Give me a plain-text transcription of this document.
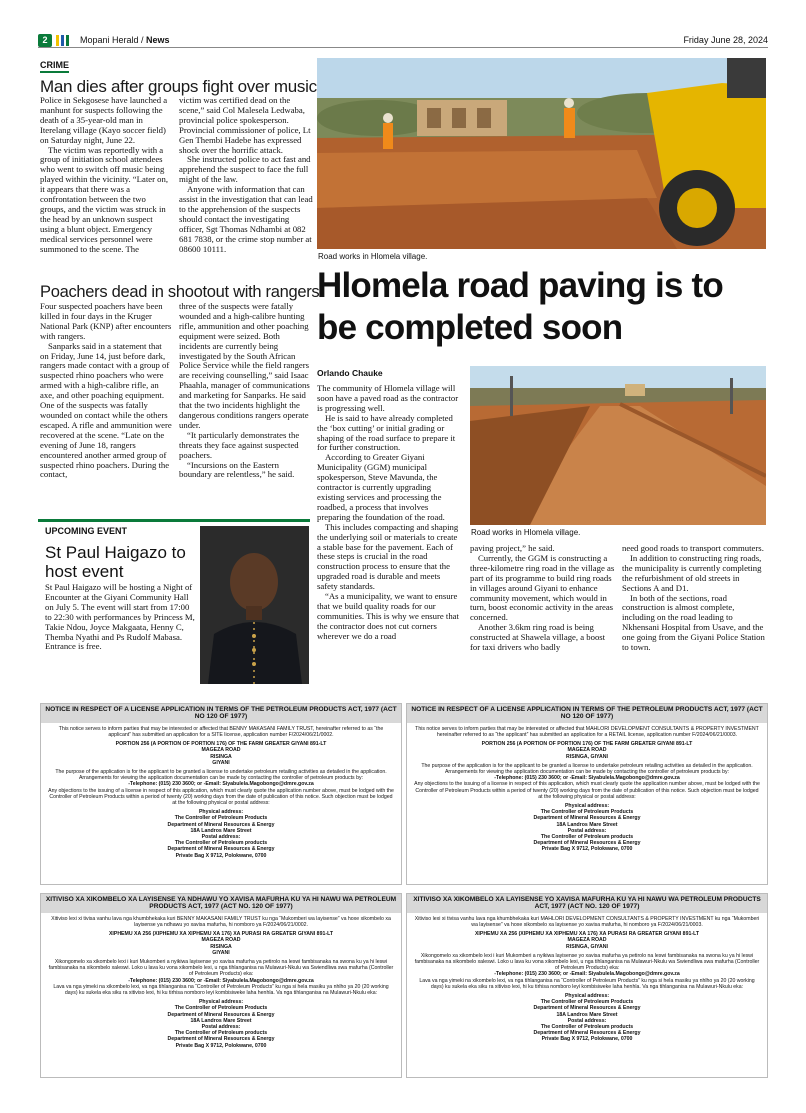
2	Mopani Herald / News	Friday June 28, 2024
CRIME
Man dies after groups fight over music

Police in Sekgosese have launched a manhunt for suspects following the death of a 35-year-old man in Iterelang village (Kayo soccer field) on Saturday night, June 22.

The victim was reportedly with a group of initiation school attendees who went to switch off music being played within the vicinity. “Later on, it appears that there was a confrontation between the two groups, and the victim was struck in the head by an unknown suspect using a blunt object. Emergency medical services personnel were summoned to the scene. The

victim was certified dead on the scene,” said Col Malesela Ledwaba, provincial police spokesperson. Provincial commissioner of police, Lt Gen Thembi Hadebe has expressed shock over the horrific attack.

She instructed police to act fast and apprehend the suspect to face the full might of the law.

Anyone with information that can assist in the investigation that can lead to the apprehension of the suspects should contact the investigating officer, Sgt Thomas Ndhambi at 082 681 7838, or the crime stop number at 08600 10111.

Poachers dead in shootout with rangers

Four suspected poachers have been killed in four days in the Kruger National Park (KNP) after encounters with rangers.

Sanparks said in a statement that on Friday, June 14, just before dark, rangers made contact with a group of suspected rhino poachers who were armed with a high-calibre rifle, an axe, and other poaching equipment. One of the suspects was fatally wounded on contact while the others escaped. A rifle and ammunition were recovered at the scene. “Late on the evening of June 18, rangers encountered another armed group of suspected rhino poachers. During the contact,

three of the suspects were fatally wounded and a high-calibre hunting rifle, ammunition and other poaching equipment were seized. Both incidents are currently being investigated by the South African Police Service while the field rangers are receiving counselling,” said Isaac Phaahla, manager of communications and marketing for Sanparks. He said that the two incidents highlight the dangerous conditions rangers operate under.

“It particularly demonstrates the threats they face against suspected poachers.

“Incursions on the Eastern boundary are relentless,” he said.

Road works in Hlomela village.
Hlomela road paving is to be completed soon
Orlando Chauke

The community of Hlomela village will soon have a paved road as the contractor is progressing well.

He is said to have already completed the ‘box cutting’ or initial grading or shaping of the road surface to prepare it for further construction.

According to Greater Giyani Municipality (GGM) municipal spokesperson, Steve Mavunda, the contractor is currently upgrading existing services and processing the roadbed, a process that involves preparing the foundation of the road.

This includes compacting and shaping the underlying soil or materials to create a stable base for the pavement. Each of these steps is crucial in the road construction process to ensure that the upgraded road is durable and meets safety standards.

“As a municipality, we want to ensure that we build quality roads for our communities. This is why we ensure that the contractor does not cut corners wherever we do a road

Road works in Hlomela village.

paving project,” he said.

Currently, the GGM is constructing a three-kilometre ring road in the village as part of its programme to build ring roads in villages around Giyani to enhance community movement, which would in turn, boost economic activity in the areas concerned.

Another 3.6km ring road is being constructed at Shawela village, a boost for taxi drivers who badly

need good roads to transport commuters.

In addition to constructing ring roads, the municipality is currently completing the refurbishment of old streets in Sections A and D1.

In both of the sections, road construction is almost complete, including on the road leading to Nkhensani Hospital from Usave, and the one going from the Giyani Police Station to town.

UPCOMING EVENT
St Paul Haigazo to host event
St Paul Haigazo will be hosting a Night of Encounter at the Giyani Community Hall on July 5. The event will start from 17:00 to 22:30 with performances by Princess M, Takie Ndou, Joyce Makgaata, Henny C, Themba Nyathi and Ps Rudolf Mabasa. Entrance is free.
NOTICE IN RESPECT OF A LICENSE APPLICATION IN TERMS OF THE PETROLEUM PRODUCTS ACT, 1977 (ACT NO 120 OF 1977)
This notice serves to inform parties that may be interested or affected that BENNY MAKASANI FAMILY TRUST, hereinafter referred to as “the applicant” has submitted an application for a SITE license, application number F/2024/06/21/0002.
PORTION 256 (A PORTION OF PORTION 176) OF THE FARM GREATER GIYANI 891-LT
MAGEZA ROAD
RISINGA
GIYANI
The purpose of the application is for the applicant to be granted a license to undertake petroleum retailing activities as detailed in the application. Arrangements for viewing the application documentation can be made by contacting the controller of petroleum products by:
-Telephone: (015) 230 3600; or -Email: Siyabulela.Magobongo@dmre.gov.za
Any objections to the issuing of a license in respect of this application, which must clearly quote the application number above, must be lodged with the Controller of Petroleum Products within a period of twenty (20) working days from the date of publication of this notice. Such objection must be lodged at the following physical or postal address:
Physical address:
The Controller of Petroleum Products
Department of Mineral Resources & Energy
18A Landros Mare Street
Postal address:
The Controller of Petroleum products
Department of Mineral Resources & Energy
Private Bag X 9712, Polokwane, 0700
NOTICE IN RESPECT OF A LICENSE APPLICATION IN TERMS OF THE PETROLEUM PRODUCTS ACT, 1977 (ACT NO 120 OF 1977)
This notice serves to inform parties that may be interested or affected that MAHLORI DEVELOPMENT CONSULTANTS & PROPERTY INVESTMENT hereinafter referred to as “the applicant” has submitted an application for a RETAIL license, application number F/2024/06/21/0003.
PORTION 256 (A PORTION OF PORTION 176) OF THE FARM GREATER GIYANI 891-LT
MAGEZA ROAD
RISINGA, GIYANI
The purpose of the application is for the applicant to be granted a license to undertake petroleum retailing activities as detailed in the application. Arrangements for viewing the application documentation can be made by contacting the controller of petroleum products by:
-Telephone: (015) 230 3600; or -Email: Siyabulela.Magobongo@dmre.gov.za
Any objections to the issuing of a license in respect of this application, which must clearly quote the application number above, must be lodged with the Controller of Petroleum Products within a period of twenty (20) working days from the date of publication of this notice. Such objection must be lodged at the following physical or postal address:
Physical address:
The Controller of Petroleum Products
Department of Mineral Resources & Energy
18A Landros Mare Street
Postal address:
The Controller of Petroleum products
Department of Mineral Resources & Energy
Private Bag X 9712, Polokwane, 0700
XITIVISO XA XIKOMBELO XA LAYISENSE YA NDHAWU YO XAVISA MAFURHA KU YA HI NAWU WA PETROLEUM PRODUCTS ACT, 1977 (ACT NO. 120 OF 1977)
Xitiviso lexi xi tivisa vanhu lava nga khumbhekaka kuri BENNY MAKASANI FAMILY TRUST ku nga “Mukomberi wa layisense” va hoxe xikombelo xa layisense ya ndhawu yo xavisa mafurha, hi nomboro ya F/2024/06/21/0002.
XIPHEMU XA 256 (XIPHEMU XA XIPHEMU XA 176) XA PURASI RA GREATER GIYANI 891-LT
MAGEZA ROAD
RISINGA
GIYANI
Xikongomelo xa xikombelo lexi i kuri Mukomberi a nyikiwa layisense yo xavisa mafurha ya petirolo na leswi fambisanaka na swona ku ya hi leswi fambisanaka na xikombelo xaleswi. Loko u lava ku vona xikombelo lexi, u nga tihlanganisa na Mulawuri-Nkulu wa Swiendliwa swa mafurha (Controller of Petroleum Products) eka:
-Telephone: (015) 230 3600; or -Email: Siyabulela.Magobongo@dmre.gov.za
Lava va nga yimeki na xikombelo lexi, va nga tihlanganisa na “Controller of Petroleum Products” ku nga si hela masiku ya nhlho ya 20 (20 working days) ku sukela eka siku ra xitiviso lexi, hi ku tirhisa nomboro leyi kombisiweke laha henhla. Va nga tihlanganisa na Mulawuri-Nkulu eka:
Physical address:
The Controller of Petroleum Products
Department of Mineral Resources & Energy
18A Landros Mare Street
Postal address:
The Controller of Petroleum products
Department of Mineral Resources & Energy
Private Bag X 9712, Polokwane, 0700
XITIVISO XA XIKOMBELO XA LAYISENSE YO XAVISA MAFURHA KU YA HI NAWU WA PETROLEUM PRODUCTS ACT, 1977 (ACT NO. 120 OF 1977)
Xitiviso lexi xi tivisa vanhu lava nga khumbhekaka kuri MAHLORI DEVELOPMENT CONSULTANTS & PROPERTY INVESTMENT ku nga “Mukomberi wa layisense” va hoxe xikombelo xa layisense yo xavisa mafurha, hi nomboro ya F/2024/06/21/0003.
XIPHEMU XA 256 (XIPHEMU XA XIPHEMU XA 176) XA PURASI RA GREATER GIYANI 891-LT
MAGEZA ROAD
RISINGA, GIYANI
Xikongomelo xa xikombelo lexi i kuri Mukomberi a nyikiwa layisense yo xavisa mafurha ya petirolo na leswi fambisanaka na swona ku ya hi leswi fambisanaka na xikombelo xaleswi. Loko u lava ku vona xikombelo lexi, u nga tihlanganisa na Mulawuri-Nkulu wa Swiendliwa swa mafurha (Controller of Petroleum Products) eka:
-Telephone: (015) 230 3600; or -Email: Siyabulela.Magobongo@dmre.gov.za
Lava va nga yimeki na xikombelo lexi, va nga tihlanganisa na “Controller of Petroleum Products” ku nga si hela masiku ya nhlho ya 20 (20 working days) ku sukela eka siku ra xitiviso lexi, hi ku tirhisa nomboro leyi kombisiweke laha henhla. Va nga tihlanganisa na Mulawuri-Nkulu eka:
Physical address:
The Controller of Petroleum Products
Department of Mineral Resources & Energy
18A Landros Mare Street
Postal address:
The Controller of Petroleum products
Department of Mineral Resources & Energy
Private Bag X 9712, Polokwane, 0700
